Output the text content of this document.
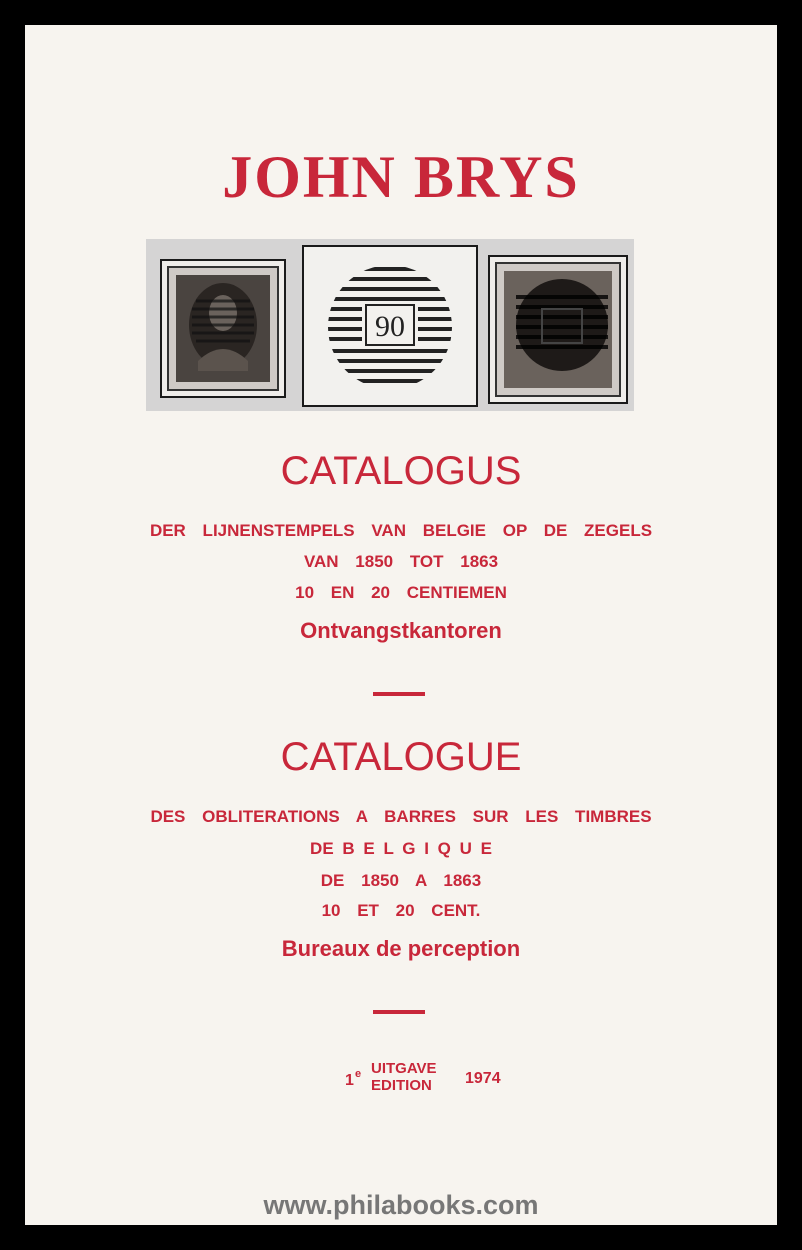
JOHN BRYS
90
CATALOGUS
DER LIJNENSTEMPELS VAN BELGIE OP DE ZEGELS
VAN 1850 TOT 1863
10 EN 20 CENTIEMEN
Ontvangstkantoren
CATALOGUE
DES OBLITERATIONS A BARRES SUR LES TIMBRES
DE B E L G I Q U E
DE 1850 A 1863
10 ET 20 CENT.
Bureaux de perception
1 e UITGAVE
EDITION 1974
www.philabooks.com
